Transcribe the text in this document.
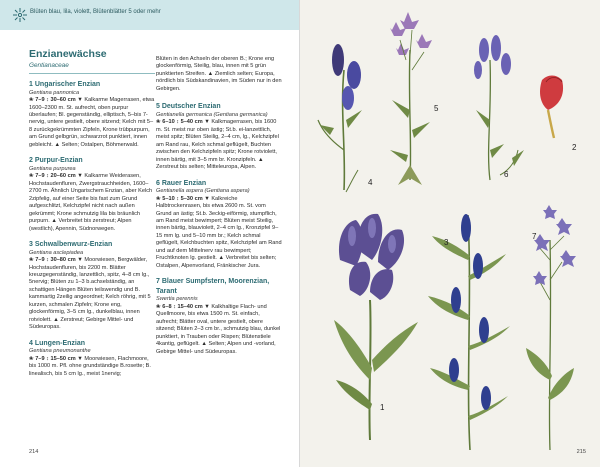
Blüten blau, lila, violett, Blütenblätter 5 oder mehr
Enzianewächse
Gentianaceae
1 Ungarischer Enzian
Gentiana pannonica

❀ 7–9 ↕ 30–60 cm ▼ Kalkarme Magerrasen, etwa 1600–2300 m. St. aufrecht, oben purpur überlaufen; Bl. gegenständig, elliptisch, 5–bis 7-nervig, untere gestielt, obere sitzend; Kelch mit 5–8 zurückgekrümmten Zipfeln, Krone trübpurpurn, am Grund gelbgrün, schwarzrot punktiert, innen gebleicht. ▲ Selten; Ostalpen, Böhmerwald.

2 Purpur-Enzian
Gentiana purpurea

❀ 7–9 ↕ 20–60 cm ▼ Kalkarme Weiderasen, Hochstaudenfluren, Zwergstrauchheiden, 1600–2700 m. Ähnlich Ungarischem Enzian, aber Kelch 2zipfelig, auf einer Seite bis fast zum Grund aufgeschlitzt, Kelchzipfel nicht nach außen gekrümmt; Krone schmutzig lila bis bräunlich purpurn. ▲ Verbreitet bis zerstreut; Alpen (westlich), Apennin, Südnorwegen.

3 Schwalbenwurz-Enzian
Gentiana asclepiadea

❀ 7–9 ↕ 30–80 cm ▼ Moorwiesen, Bergwälder, Hochstaudenfluren, bis 2200 m. Blätter kreuzgegenständig, lanzettlich, spitz, 4–8 cm lg., 5nervig; Blüten zu 1–3 b.achselständig, an schattigen Hängen Blüten teilswendig und B. kammartig 2zeilig angeordnet; Kelch röhrig, mit 5 kurzen, schmalen Zipfeln; Krone eng, glockenförmig, 3–5 cm lg., dunkelblau, innen rotviolett. ▲ Zerstreut; Gebirge Mittel- und Südeuropas.

4 Lungen-Enzian
Gentiana pneumonanthe

❀ 7–9 ↕ 15–50 cm ▼ Moorwiesen, Flachmoore, bis 1000 m. Pfl. ohne grundständige B.rosette; B. linealisch, bis 5 cm lg., meist 1nervig;

Blüten in den Achseln der oberen B.; Krone eng glockenförmig, Steilig, blau, innen mit 5 grün punktierten Streifen. ▲ Ziemlich selten; Europa, nördlich bis Südskandinavien, im Süden nur in den Gebirgen.

5 Deutscher Enzian
Gentianella germanica (Gentiana germanica)

❀ 6–10 ↕ 5–40 cm ▼ Kalkmagerrasen, bis 1600 m. St. meist nur oben ästig; St.b. ei-lanzettlich, meist spitz; Blüten Steilig, 2–4 cm, lg., Kelchzipfel am Rand rau, Kelch schmal geflügelt, Buchten zwischen den Kelchzipfeln spitz; Krone rotviolett, innen bärtig, mit 3–5 mm br. Kronzipfeln. ▲ Zerstreut bis selten; Mitteleuropa, Alpen.

6 Rauer Enzian
Gentianella aspera (Gentiana aspera)

❀ 5–10 ↕ 5–30 cm ▼ Kalkreiche Halbtrockenrasen, bis etwa 2600 m. St. vom Grund an ästig; St.b. 3eckig-eiförmig, stumpflich, am Rand meist bewimpert; Blüten meist Steilig, innen bärtig, blauviolett, 2–4 cm lg., Kronzipfel 9–15 mm lg. und 5–10 mm br.; Kelch schmal geflügelt, Kelchbuchten spitz, Kelchzipfel am Rand und auf dem Mittelnerv rau bewimpert; Fruchtknoten lg. gestielt. ▲ Verbreitet bis selten; Ostalpen, Alpenvorland, Fränkischer Jura.

7 Blauer Sumpfstern, Moorenzian, Tarant
Swertia perennis

❀ 6–8 ↕ 15–40 cm ▼ Kalkhaltige Flach- und Quellmoore, bis etwa 1500 m. St. einfach, aufrecht; Blätter oval, untere gestielt, obere sitzend; Blüten 2–3 cm br., schmutzig blau, dunkel punktiert, in Trauben oder Rispen; Blütenstiele 4kantig, geflügelt. ▲ Selten; Alpen und -vorland, Gebirge Mittel- und Südeuropas.

214
4
5
6
2
3
7
1
215
